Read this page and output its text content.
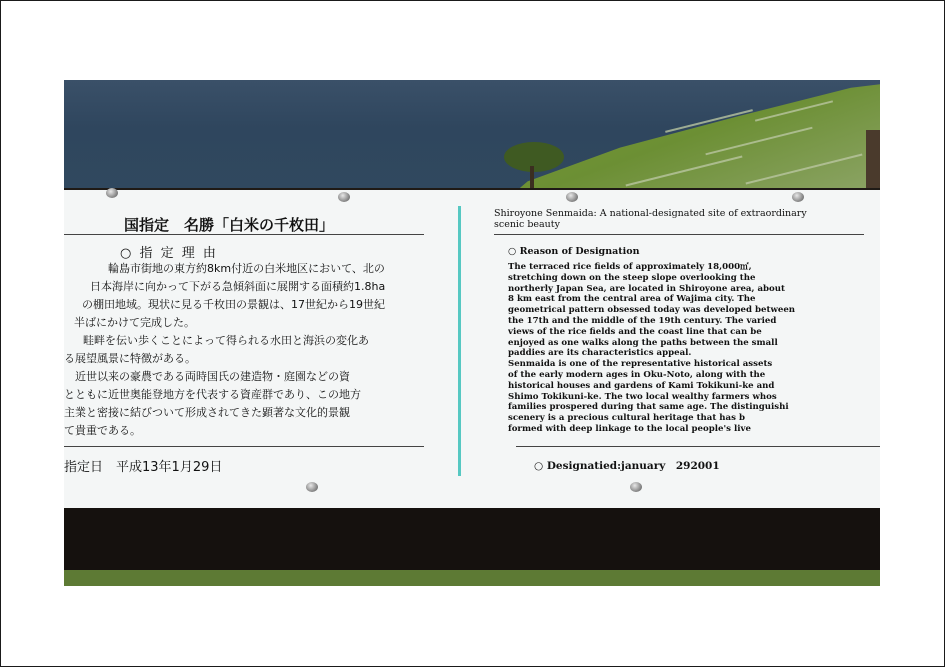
国指定　名勝「白米の千枚田」
○ 指 定 理 由
輪島市街地の東方約8km付近の白米地区において、北の
日本海岸に向かって下がる急傾斜面に展開する面積約1.8ha
の棚田地域。現状に見る千枚田の景観は、17世紀から19世紀
半ばにかけて完成した。
　畦畔を伝い歩くことによって得られる水田と海浜の変化あ
る展望風景に特徴がある。
　近世以来の豪農である両時国氏の建造物・庭園などの資
とともに近世奥能登地方を代表する資産群であり、この地方
主業と密接に結びついて形成されてきた顕著な文化的景観
て貴重である。
指定日　平成13年1月29日
Shiroyone Senmaida: A national-designated site of extraordinary scenic beauty
○ Reason of Designation
The terraced rice fields of approximately 18,000㎡,
stretching down on the steep slope overlooking the
northerly Japan Sea, are located in Shiroyone area, about
8 km east from the central area of Wajima city. The
geometrical pattern obsessed today was developed between
the 17th and the middle of the 19th century. The varied
views of the rice fields and the coast line that can be
enjoyed as one walks along the paths between the small
paddies are its characteristics appeal.
Senmaida is one of the representative historical assets
of the early modern ages in Oku-Noto, along with the
historical houses and gardens of Kami Tokikuni-ke and
Shimo Tokikuni-ke. The two local wealthy farmers whos
families prospered during that same age. The distinguishi
scenery is a precious cultural heritage that has b
formed with deep linkage to the local people's live
○ Designatied:january　292001
